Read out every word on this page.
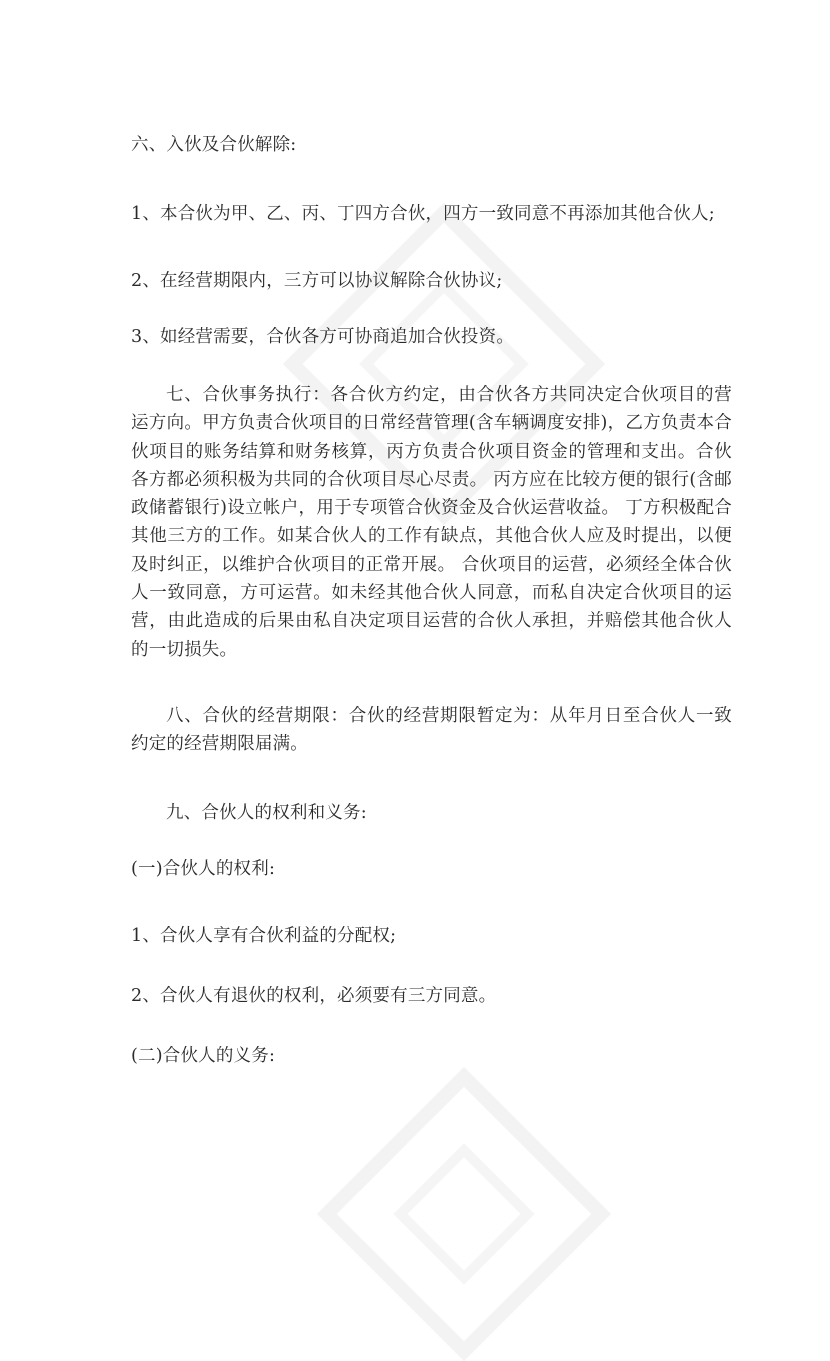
六、入伙及合伙解除:
1、本合伙为甲、乙、丙、丁四方合伙，四方一致同意不再添加其他合伙人;
2、在经营期限内，三方可以协议解除合伙协议;
3、如经营需要，合伙各方可协商追加合伙投资。
七、合伙事务执行：各合伙方约定，由合伙各方共同决定合伙项目的营运方向。甲方负责合伙项目的日常经营管理(含车辆调度安排)，乙方负责本合伙项目的账务结算和财务核算，丙方负责合伙项目资金的管理和支出。合伙各方都必须积极为共同的合伙项目尽心尽责。 丙方应在比较方便的银行(含邮政储蓄银行)设立帐户，用于专项管合伙资金及合伙运营收益。 丁方积极配合其他三方的工作。如某合伙人的工作有缺点，其他合伙人应及时提出，以便及时纠正，以维护合伙项目的正常开展。 合伙项目的运营，必须经全体合伙人一致同意，方可运营。如未经其他合伙人同意，而私自决定合伙项目的运营，由此造成的后果由私自决定项目运营的合伙人承担，并赔偿其他合伙人的一切损失。
八、合伙的经营期限：合伙的经营期限暂定为：从年月日至合伙人一致约定的经营期限届满。
九、合伙人的权利和义务:
(一)合伙人的权利:
1、合伙人享有合伙利益的分配权;
2、合伙人有退伙的权利，必须要有三方同意。
(二)合伙人的义务:
